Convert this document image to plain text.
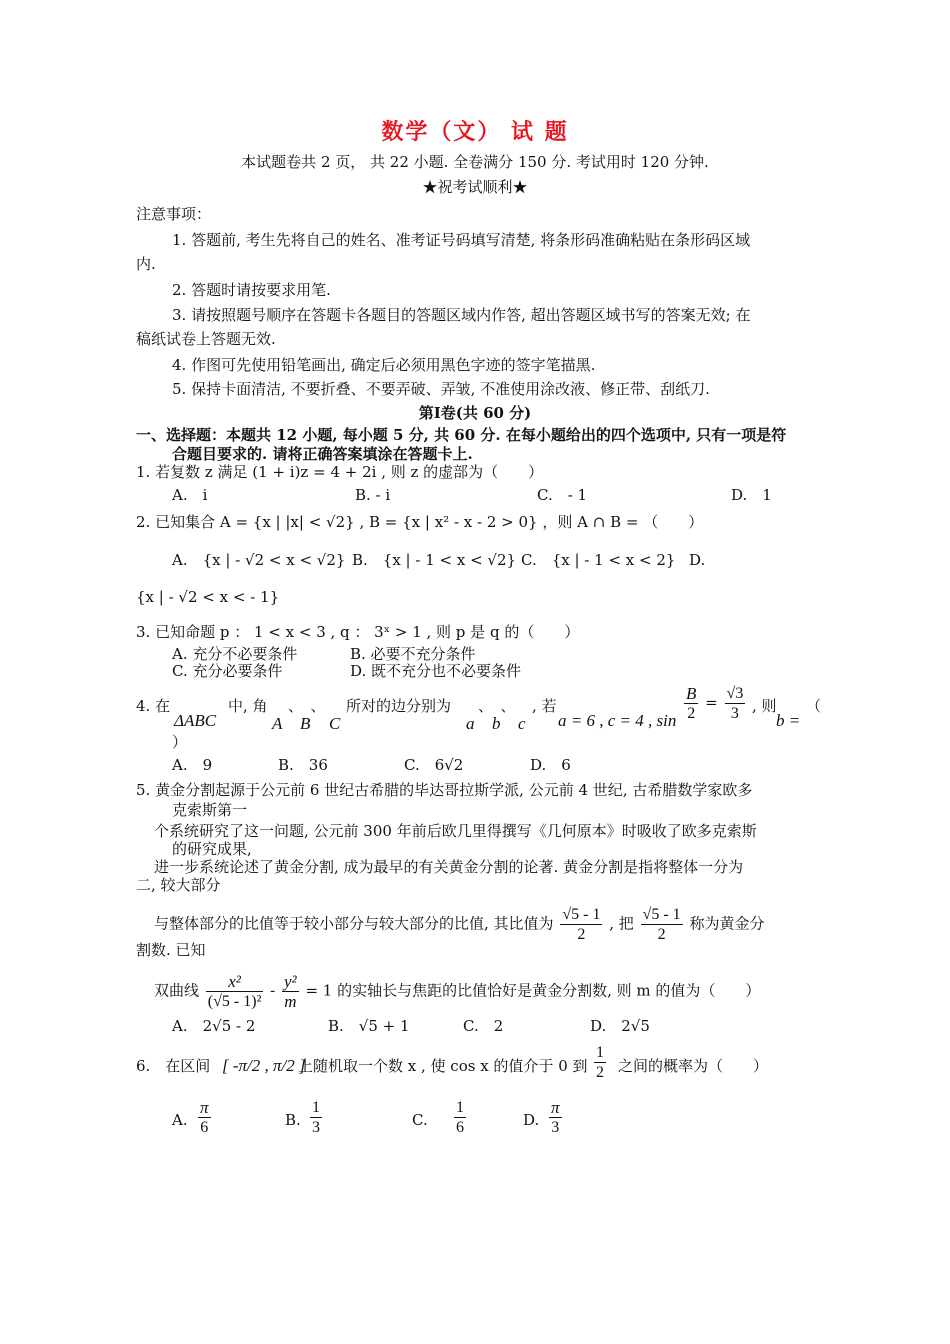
数学（文） 试 题
本试题卷共 2 页， 共 22 小题. 全卷满分 150 分. 考试用时 120 分钟.
★祝考试顺利★
注意事项：
1. 答题前, 考生先将自己的姓名、准考证号码填写清楚, 将条形码准确粘贴在条形码区域
内.
2. 答题时请按要求用笔.
3. 请按照题号顺序在答题卡各题目的答题区域内作答, 超出答题区域书写的答案无效; 在
稿纸试卷上答题无效.
4. 作图可先使用铅笔画出, 确定后必须用黑色字迹的签字笔描黑.
5. 保持卡面清洁, 不要折叠、不要弄破、弄皱, 不准使用涂改液、修正带、刮纸刀.
第Ⅰ卷(共 60 分)
一、选择题：本题共 12 小题, 每小题 5 分, 共 60 分. 在每小题给出的四个选项中, 只有一项是符
合题目要求的. 请将正确答案填涂在答题卡上.
1. 若复数 z 满足 (1 + i)z = 4 + 2i , 则 z 的虚部为（　　）
A.　i	B. - i	C.　- 1	D.　1
2. 已知集合 A = {x | |x| < √2} , B = {x | x² - x - 2 > 0} ，则 A ∩ B = （　　）
A.　{x | - √2 < x < √2} B.　{x | - 1 < x < √2} C.　{x | - 1 < x < 2} D.
{x | - √2 < x < - 1}
3. 已知命题 p ： 1 < x < 3 , q ： 3ˣ > 1 , 则 p 是 q 的（　　）
A. 充分不必要条件	B. 必要不充分条件
C. 充分必要条件	D. 既不充分也不必要条件
4. 在
ΔABC
中, 角
A
、　、
B C
所对的边分别为
a
、　、
b c
, 若
a = 6 , c = 4 , $\sin \frac{B}{2} = \frac{√3}{3}$ , 则
b =
（
）
A.　9	B.　36	C.　6√2	D.　6
5. 黄金分割起源于公元前 6 世纪古希腊的毕达哥拉斯学派, 公元前 4 世纪, 古希腊数学家欧多
克索斯第一
个系统研究了这一问题, 公元前 300 年前后欧几里得撰写《几何原本》时吸收了欧多克索斯
的研究成果,
进一步系统论述了黄金分割, 成为最早的有关黄金分割的论著. 黄金分割是指将整体一分为
二, 较大部分
与整体部分的比值等于较小部分与较大部分的比值, 其比值为 $\frac{√5 - 1}{2}$ , 把 $\frac{√5 - 1}{2}$ 称为黄金分
割数. 已知
双曲线 $\frac{\text{x²}}{\text{(√5 - 1)²}} - \frac{\text{y²}}{m} = 1$ 的实轴长与焦距的比值恰好是黄金分割数, 则 m 的值为（　　）
A.　2√5 - 2	B.　√5 + 1	C.　2	D.　2√5
6.　在区间 [ -π/2 , π/2 ]
上随机取一个数 x , 使 cos x 的值介于 0 到 $\frac{1}{2}$ 之间的概率为（　　）
A. $\frac{\pi}{6}$	B. $\frac{1}{3}$	C. $\frac{1}{6}$	D. $\frac{\pi}{3}$
